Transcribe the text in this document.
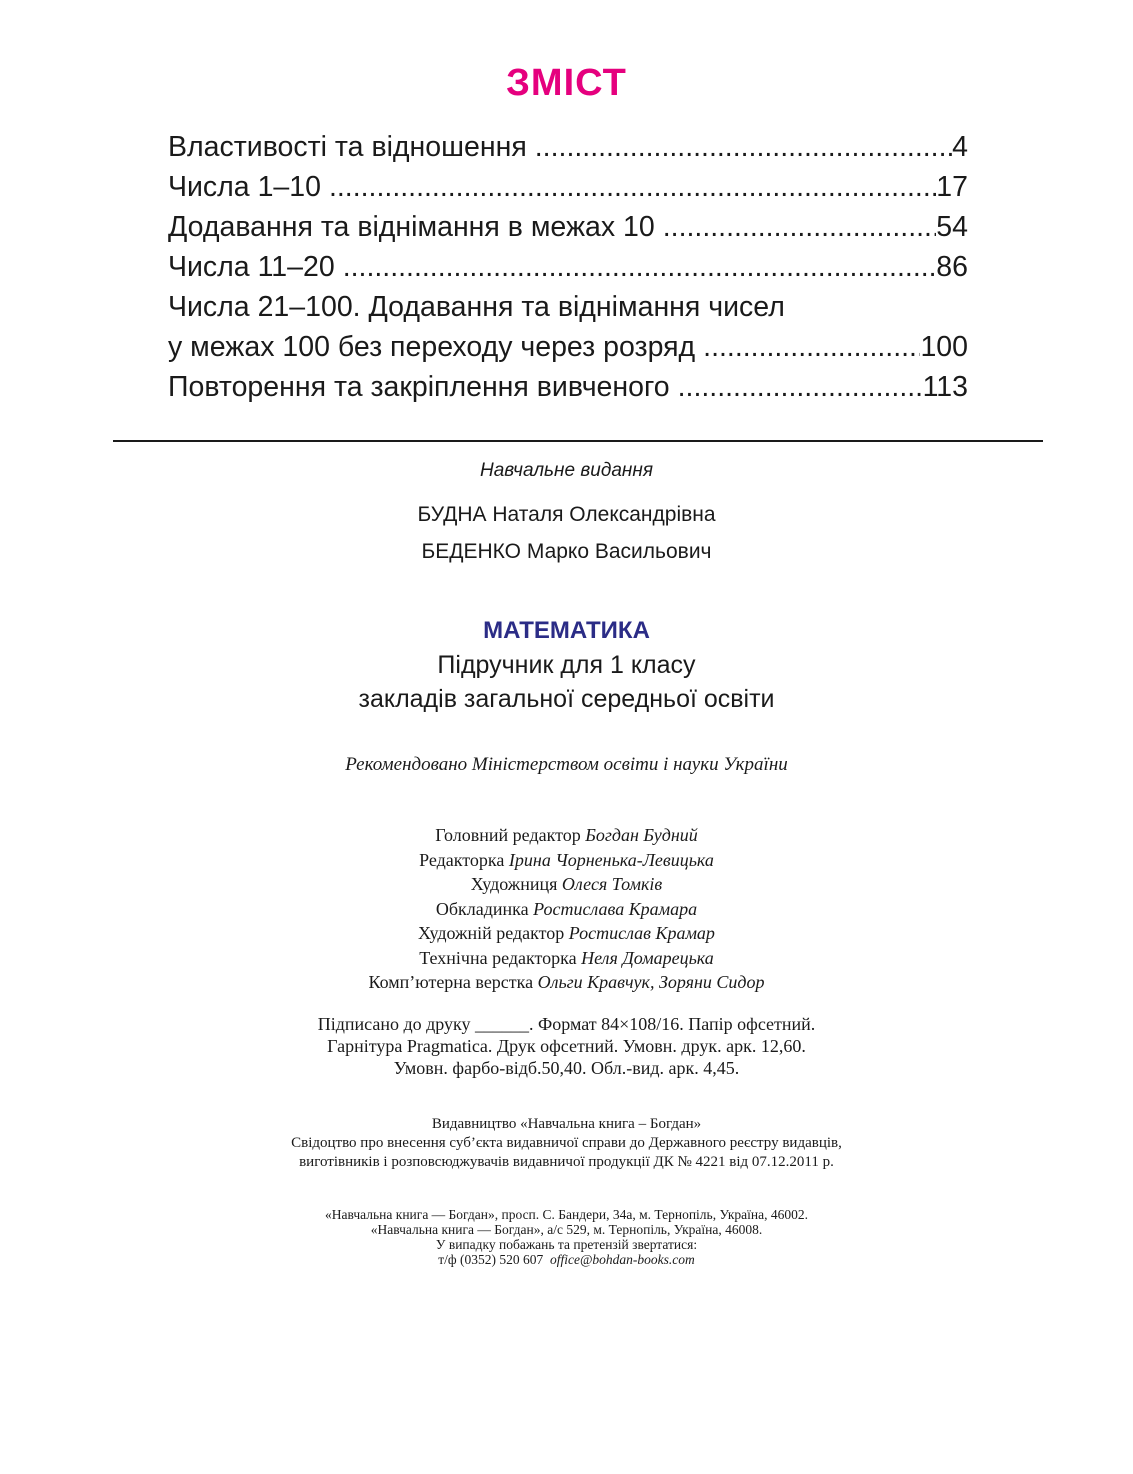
ЗМІСТ
Властивості та відношення .....	4
Числа 1–10 .....	17
Додавання та віднімання в межах 10 .....	54
Числа 11–20 .....	86
Числа 21–100. Додавання та віднімання чисел
у межах 100 без переходу через розряд .....	100
Повторення та закріплення вивченого .....	113
Навчальне видання
БУДНА Наталя Олександрівна
БЕДЕНКО Марко Васильович
МАТЕМАТИКА
Підручник для 1 класу
закладів загальної середньої освіти
Рекомендовано Міністерством освіти і науки України
Головний редактор Богдан Будний
Редакторка Ірина Чорненька-Левицька
Художниця Олеся Томків
Обкладинка Ростислава Крамара
Художній редактор Ростислав Крамар
Технічна редакторка Неля Домарецька
Комп’ютерна верстка Ольги Кравчук, Зоряни Сидор
Підписано до друку ______. Формат 84×108/16. Папір офсетний.
Гарнітура Pragmatica. Друк офсетний. Умовн. друк. арк. 12,60.
Умовн. фарбо-відб.50,40. Обл.-вид. арк. 4,45.
Видавництво «Навчальна книга – Богдан»
Свідоцтво про внесення суб’єкта видавничої справи до Державного реєстру видавців,
виготівників і розповсюджувачів видавничої продукції ДК № 4221 від 07.12.2011 р.
«Навчальна книга — Богдан», просп. С. Бандери, 34а, м. Тернопіль, Україна, 46002.
«Навчальна книга — Богдан», а/с 529, м. Тернопіль, Україна, 46008.
У випадку побажань та претензій звертатися:
т/ф (0352) 520 607 office@bohdan-books.com
